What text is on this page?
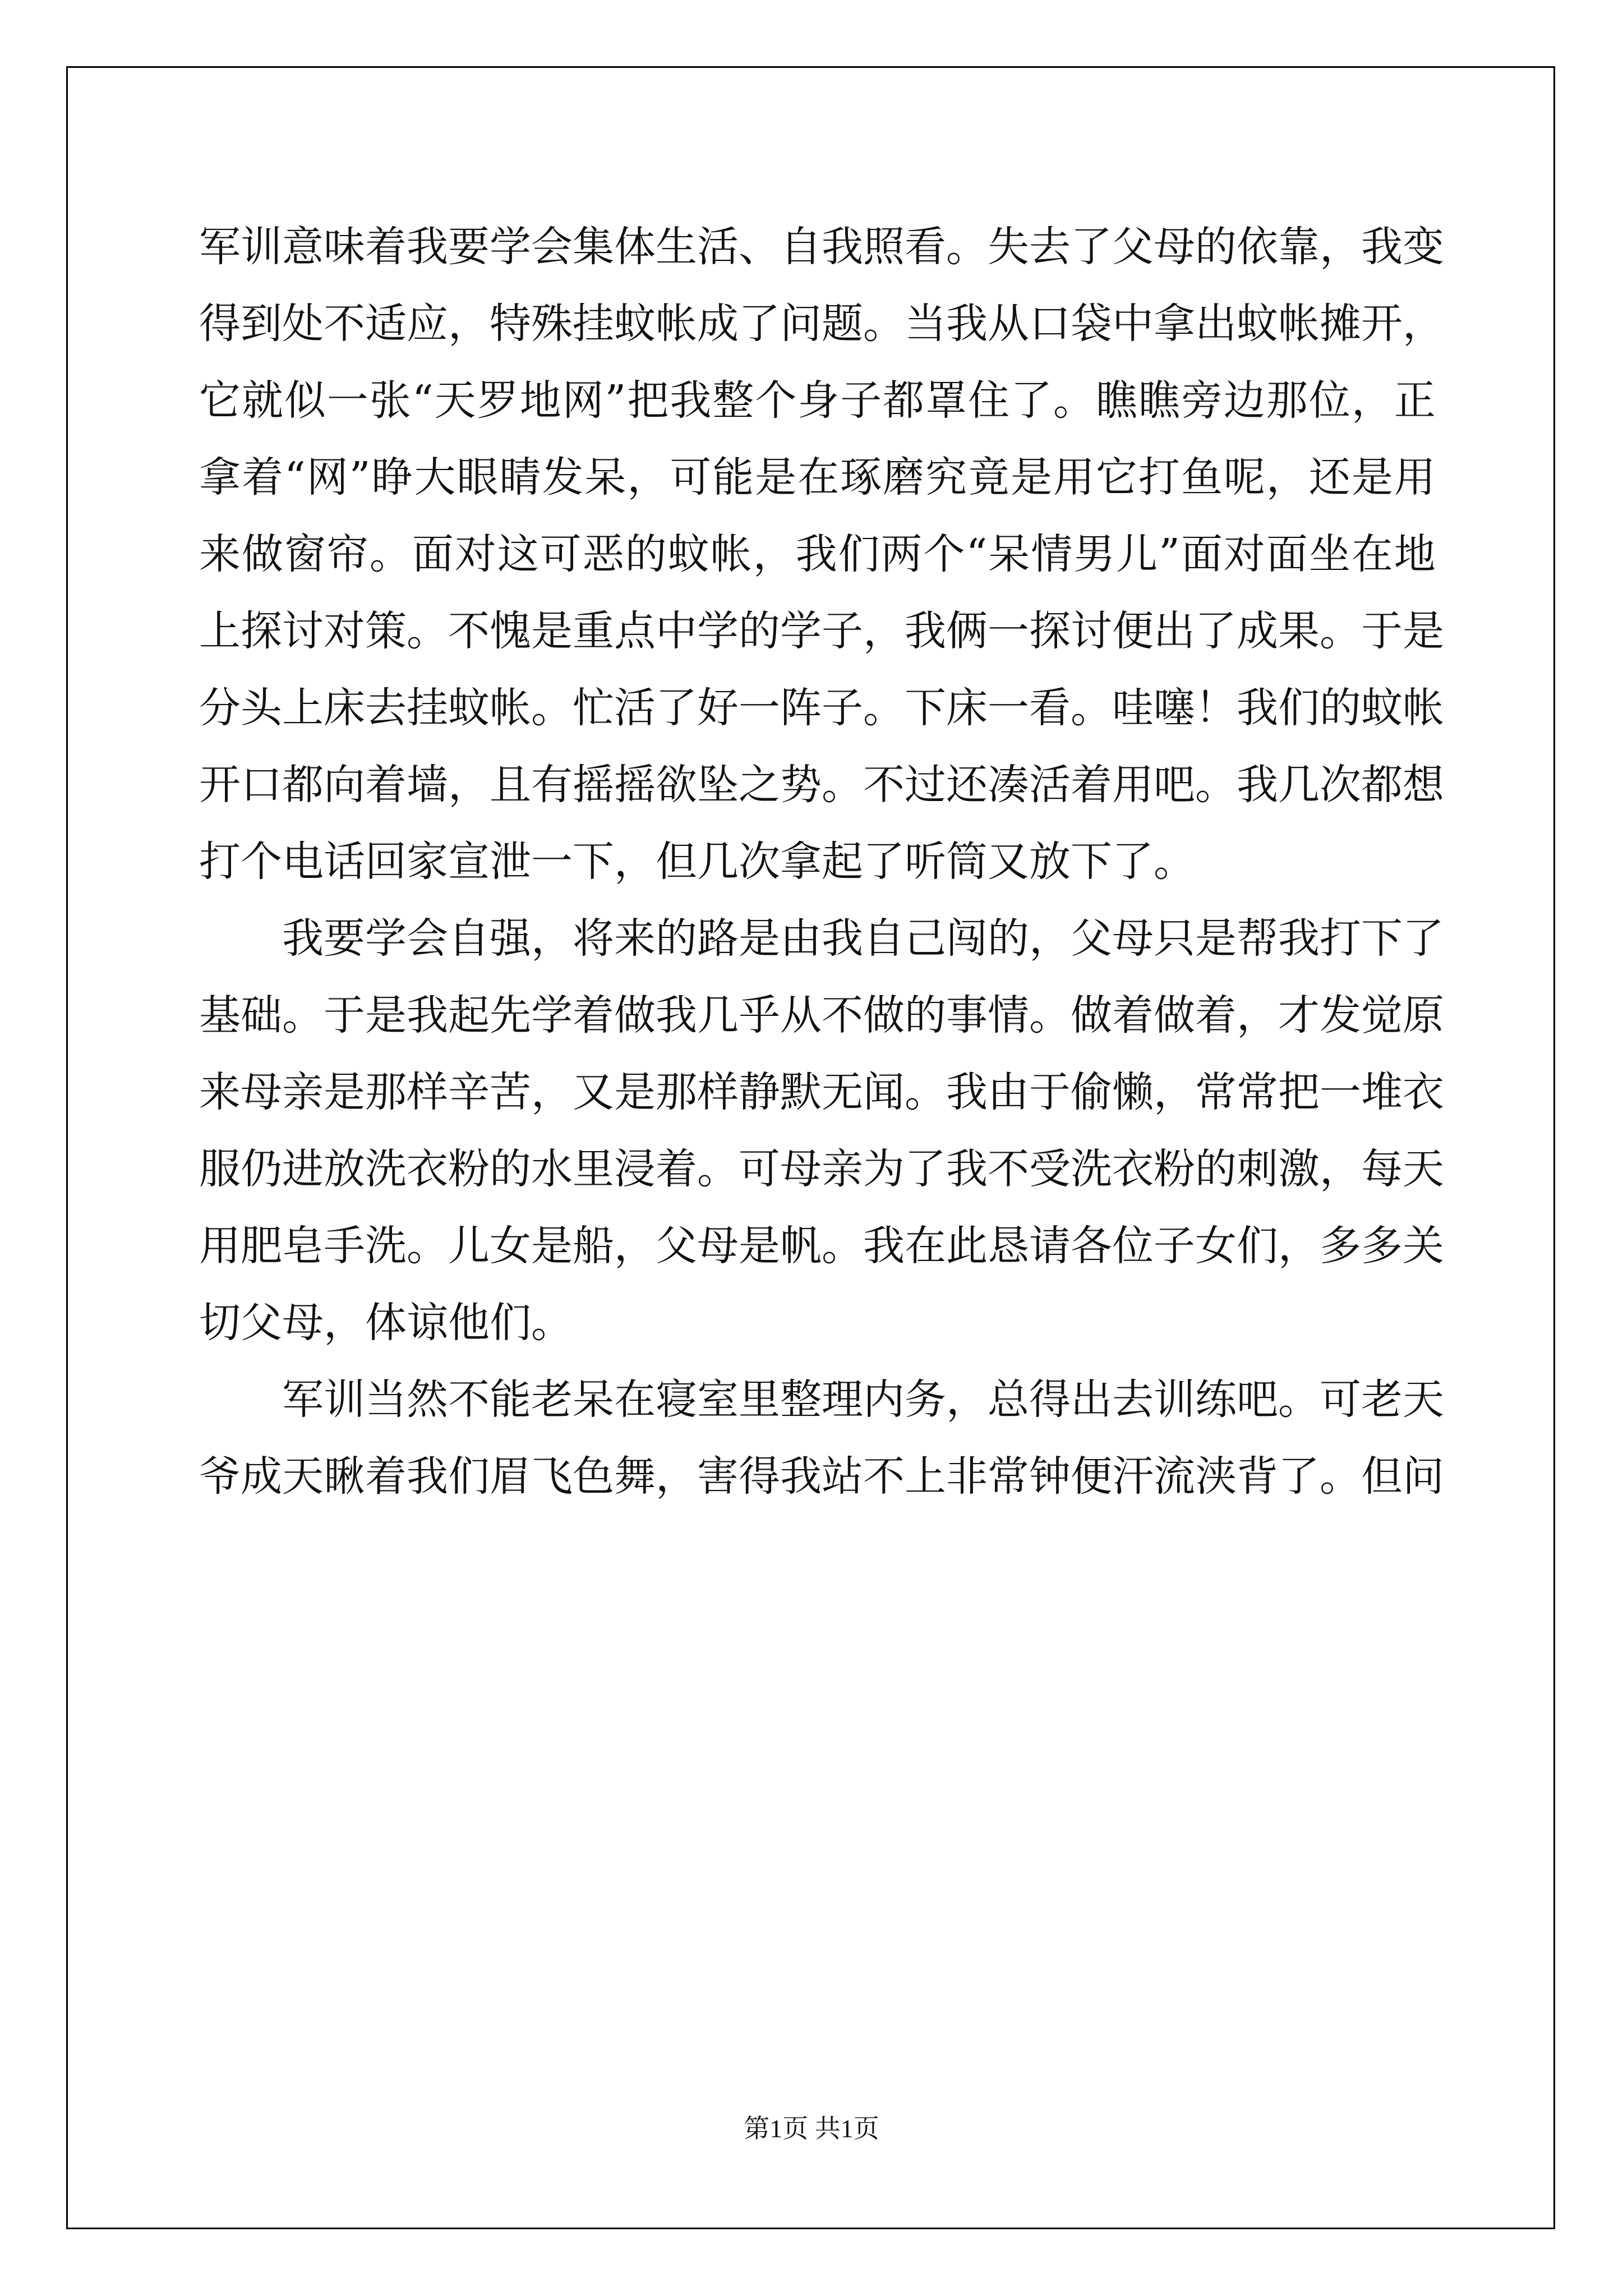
军 训 意 味 着 我 要 学 会 集 体 生 活 、 自 我 照 看 。 失 去 了 父 母 的 依 靠 ， 我 变
得 到 处 不 适 应 ， 特 殊 挂 蚊 帐 成 了 问 题 。 当 我 从 口 袋 中 拿 出 蚊 帐 摊 开 ，
它 就 似 一 张 “ 天 罗 地 网 ” 把 我 整 个 身 子 都 罩 住 了 。 瞧 瞧 旁 边 那 位 ， 正
拿 着 “ 网 ” 睁 大 眼 睛 发 呆 ， 可 能 是 在 琢 磨 究 竟 是 用 它 打 鱼 呢 ， 还 是 用
来 做 窗 帘 。 面 对 这 可 恶 的 蚊 帐 ， 我 们 两 个 “ 呆 情 男 儿 ” 面 对 面 坐 在 地
上 探 讨 对 策 。 不 愧 是 重 点 中 学 的 学 子 ， 我 俩 一 探 讨 便 出 了 成 果 。 于 是
分 头 上 床 去 挂 蚊 帐 。 忙 活 了 好 一 阵 子 。 下 床 一 看 。 哇 噻 ！ 我 们 的 蚊 帐
开 口 都 向 着 墙 ， 且 有 摇 摇 欲 坠 之 势 。 不 过 还 凑 活 着 用 吧 。 我 几 次 都 想
打个电话回家宣泄一下，但几次拿起了听筒又放下了。
我 要 学 会 自 强 ， 将 来 的 路 是 由 我 自 己 闯 的 ， 父 母 只 是 帮 我 打 下 了
基 础 。 于 是 我 起 先 学 着 做 我 几 乎 从 不 做 的 事 情 。 做 着 做 着 ， 才 发 觉 原
来 母 亲 是 那 样 辛 苦 ， 又 是 那 样 静 默 无 闻 。 我 由 于 偷 懒 ， 常 常 把 一 堆 衣
服 仍 进 放 洗 衣 粉 的 水 里 浸 着 。 可 母 亲 为 了 我 不 受 洗 衣 粉 的 刺 激 ， 每 天
用 肥 皂 手 洗 。 儿 女 是 船 ， 父 母 是 帆 。 我 在 此 恳 请 各 位 子 女 们 ， 多 多 关
切父母，体谅他们。
军 训 当 然 不 能 老 呆 在 寝 室 里 整 理 内 务 ， 总 得 出 去 训 练 吧 。 可 老 天
爷 成 天 瞅 着 我 们 眉 飞 色 舞 ， 害 得 我 站 不 上 非 常 钟 便 汗 流 浃 背 了 。 但 问
第1页 共1页
